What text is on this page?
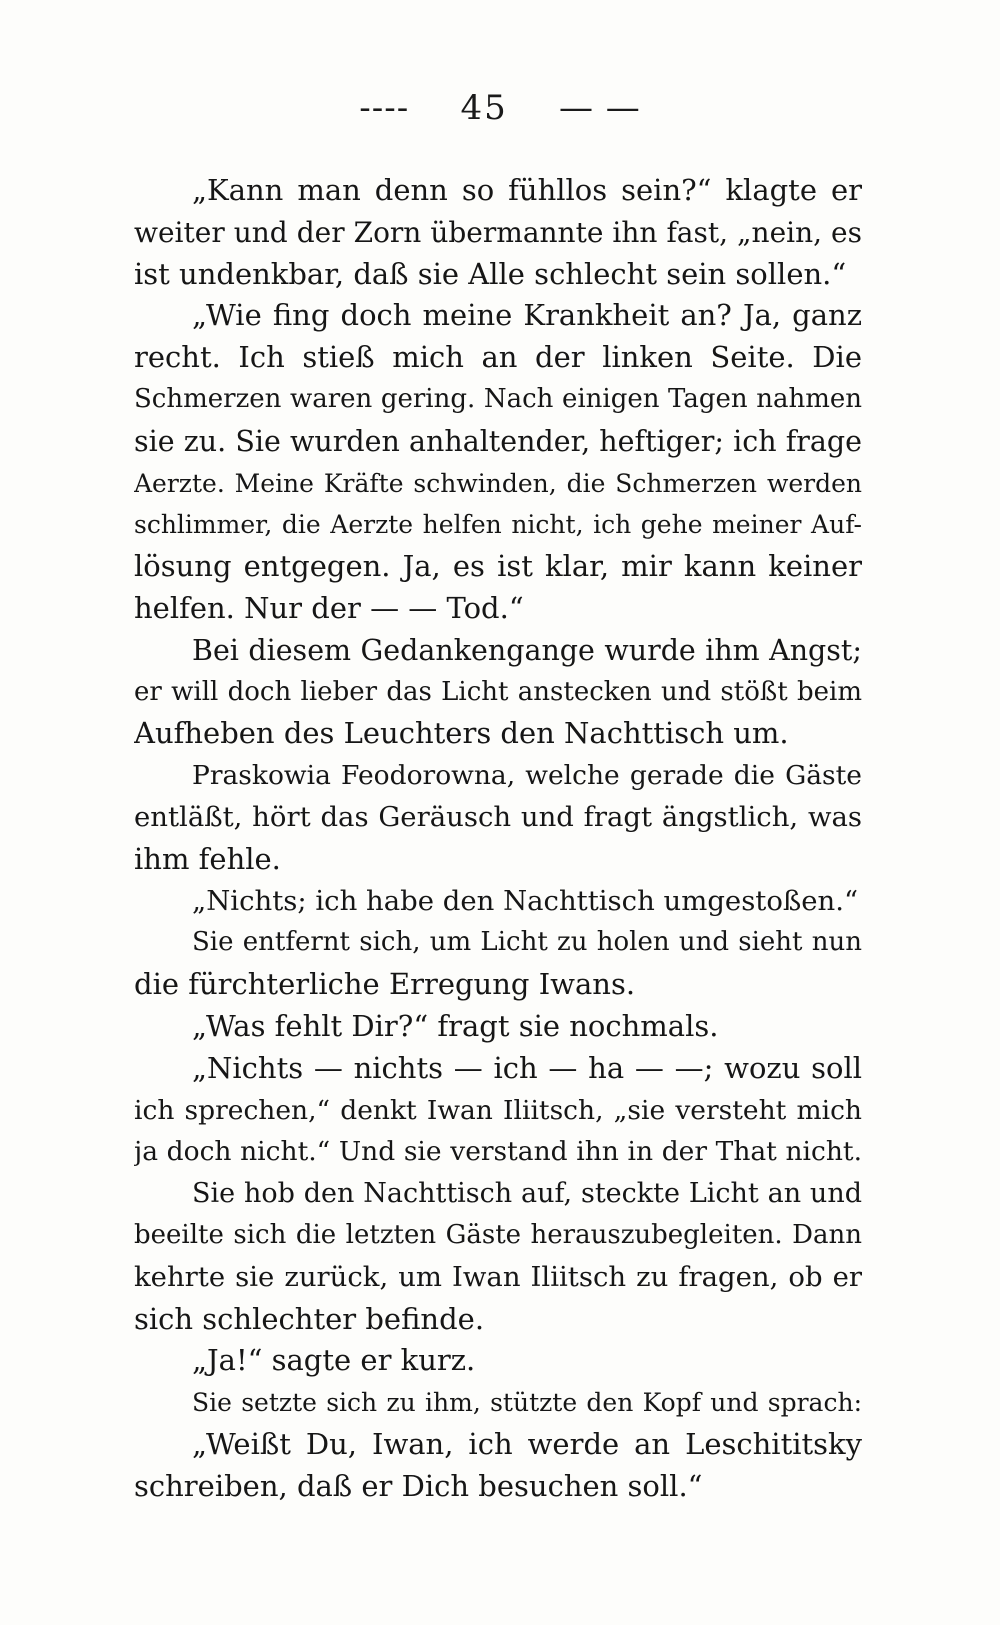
---- 45 — —
„Kann man denn so fühllos sein?“ klagte er
weiter und der Zorn übermannte ihn fast, „nein, es
ist undenkbar, daß sie Alle schlecht sein sollen.“
„Wie fing doch meine Krankheit an? Ja, ganz
recht. Ich stieß mich an der linken Seite. Die
Schmerzen waren gering. Nach einigen Tagen nahmen
sie zu. Sie wurden anhaltender, heftiger; ich frage
Aerzte. Meine Kräfte schwinden, die Schmerzen werden
schlimmer, die Aerzte helfen nicht, ich gehe meiner Auf-
lösung entgegen. Ja, es ist klar, mir kann keiner
helfen. Nur der — — Tod.“
Bei diesem Gedankengange wurde ihm Angst;
er will doch lieber das Licht anstecken und stößt beim
Aufheben des Leuchters den Nachttisch um.
Praskowia Feodorowna, welche gerade die Gäste
entläßt, hört das Geräusch und fragt ängstlich, was
ihm fehle.
„Nichts; ich habe den Nachttisch umgestoßen.“
Sie entfernt sich, um Licht zu holen und sieht nun
die fürchterliche Erregung Iwans.
„Was fehlt Dir?“ fragt sie nochmals.
„Nichts — nichts — ich — ha — —; wozu soll
ich sprechen,“ denkt Iwan Iliitsch, „sie versteht mich
ja doch nicht.“ Und sie verstand ihn in der That nicht.
Sie hob den Nachttisch auf, steckte Licht an und
beeilte sich die letzten Gäste herauszubegleiten. Dann
kehrte sie zurück, um Iwan Iliitsch zu fragen, ob er
sich schlechter befinde.
„Ja!“ sagte er kurz.
Sie setzte sich zu ihm, stützte den Kopf und sprach:
„Weißt Du, Iwan, ich werde an Leschititsky
schreiben, daß er Dich besuchen soll.“
